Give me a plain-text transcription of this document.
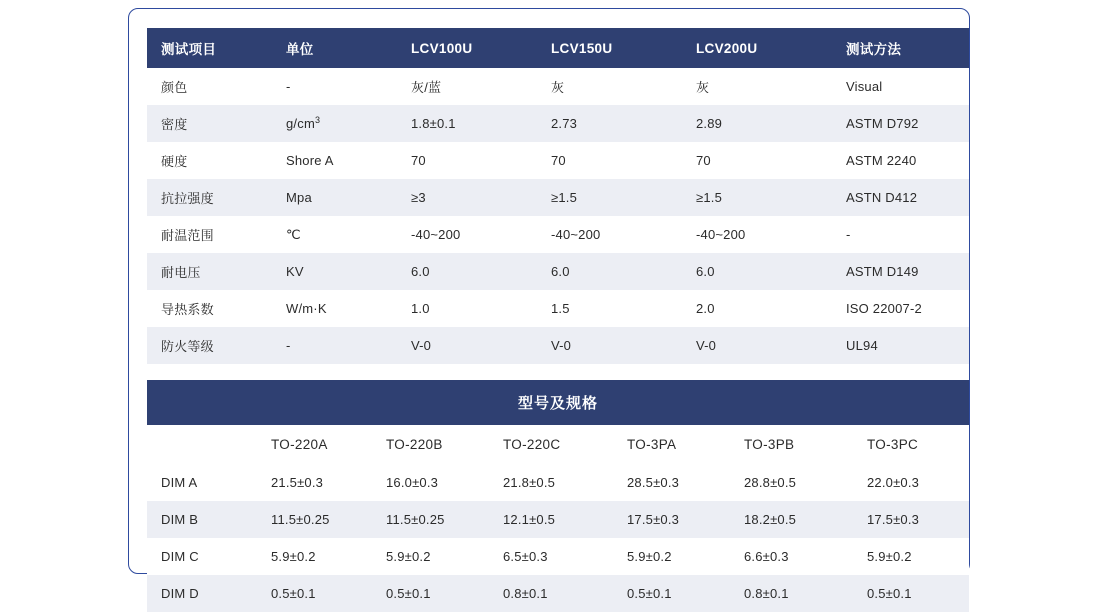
测试项目	单位	LCV100U	LCV150U	LCV200U	测试方法
颜色	-	灰/蓝	灰	灰	Visual
密度	$g/cm^3$	1.8±0.1	2.73	2.89	ASTM D792
硬度	Shore A	70	70	70	ASTM 2240
抗拉强度	Mpa	≥3	≥1.5	≥1.5	ASTN D412
耐温范围	℃	-40~200	-40~200	-40~200	-
耐电压	KV	6.0	6.0	6.0	ASTM D149
导热系数	W/m·K	1.0	1.5	2.0	ISO 22007-2
防火等级	-	V-0	V-0	V-0	UL94
型号及规格
	TO-220A	TO-220B	TO-220C	TO-3PA	TO-3PB	TO-3PC
DIM A	21.5±0.3	16.0±0.3	21.8±0.5	28.5±0.3	28.8±0.5	22.0±0.3
DIM B	11.5±0.25	11.5±0.25	12.1±0.5	17.5±0.3	18.2±0.5	17.5±0.3
DIM C	5.9±0.2	5.9±0.2	6.5±0.3	5.9±0.2	6.6±0.3	5.9±0.2
DIM D	0.5±0.1	0.5±0.1	0.8±0.1	0.5±0.1	0.8±0.1	0.5±0.1
